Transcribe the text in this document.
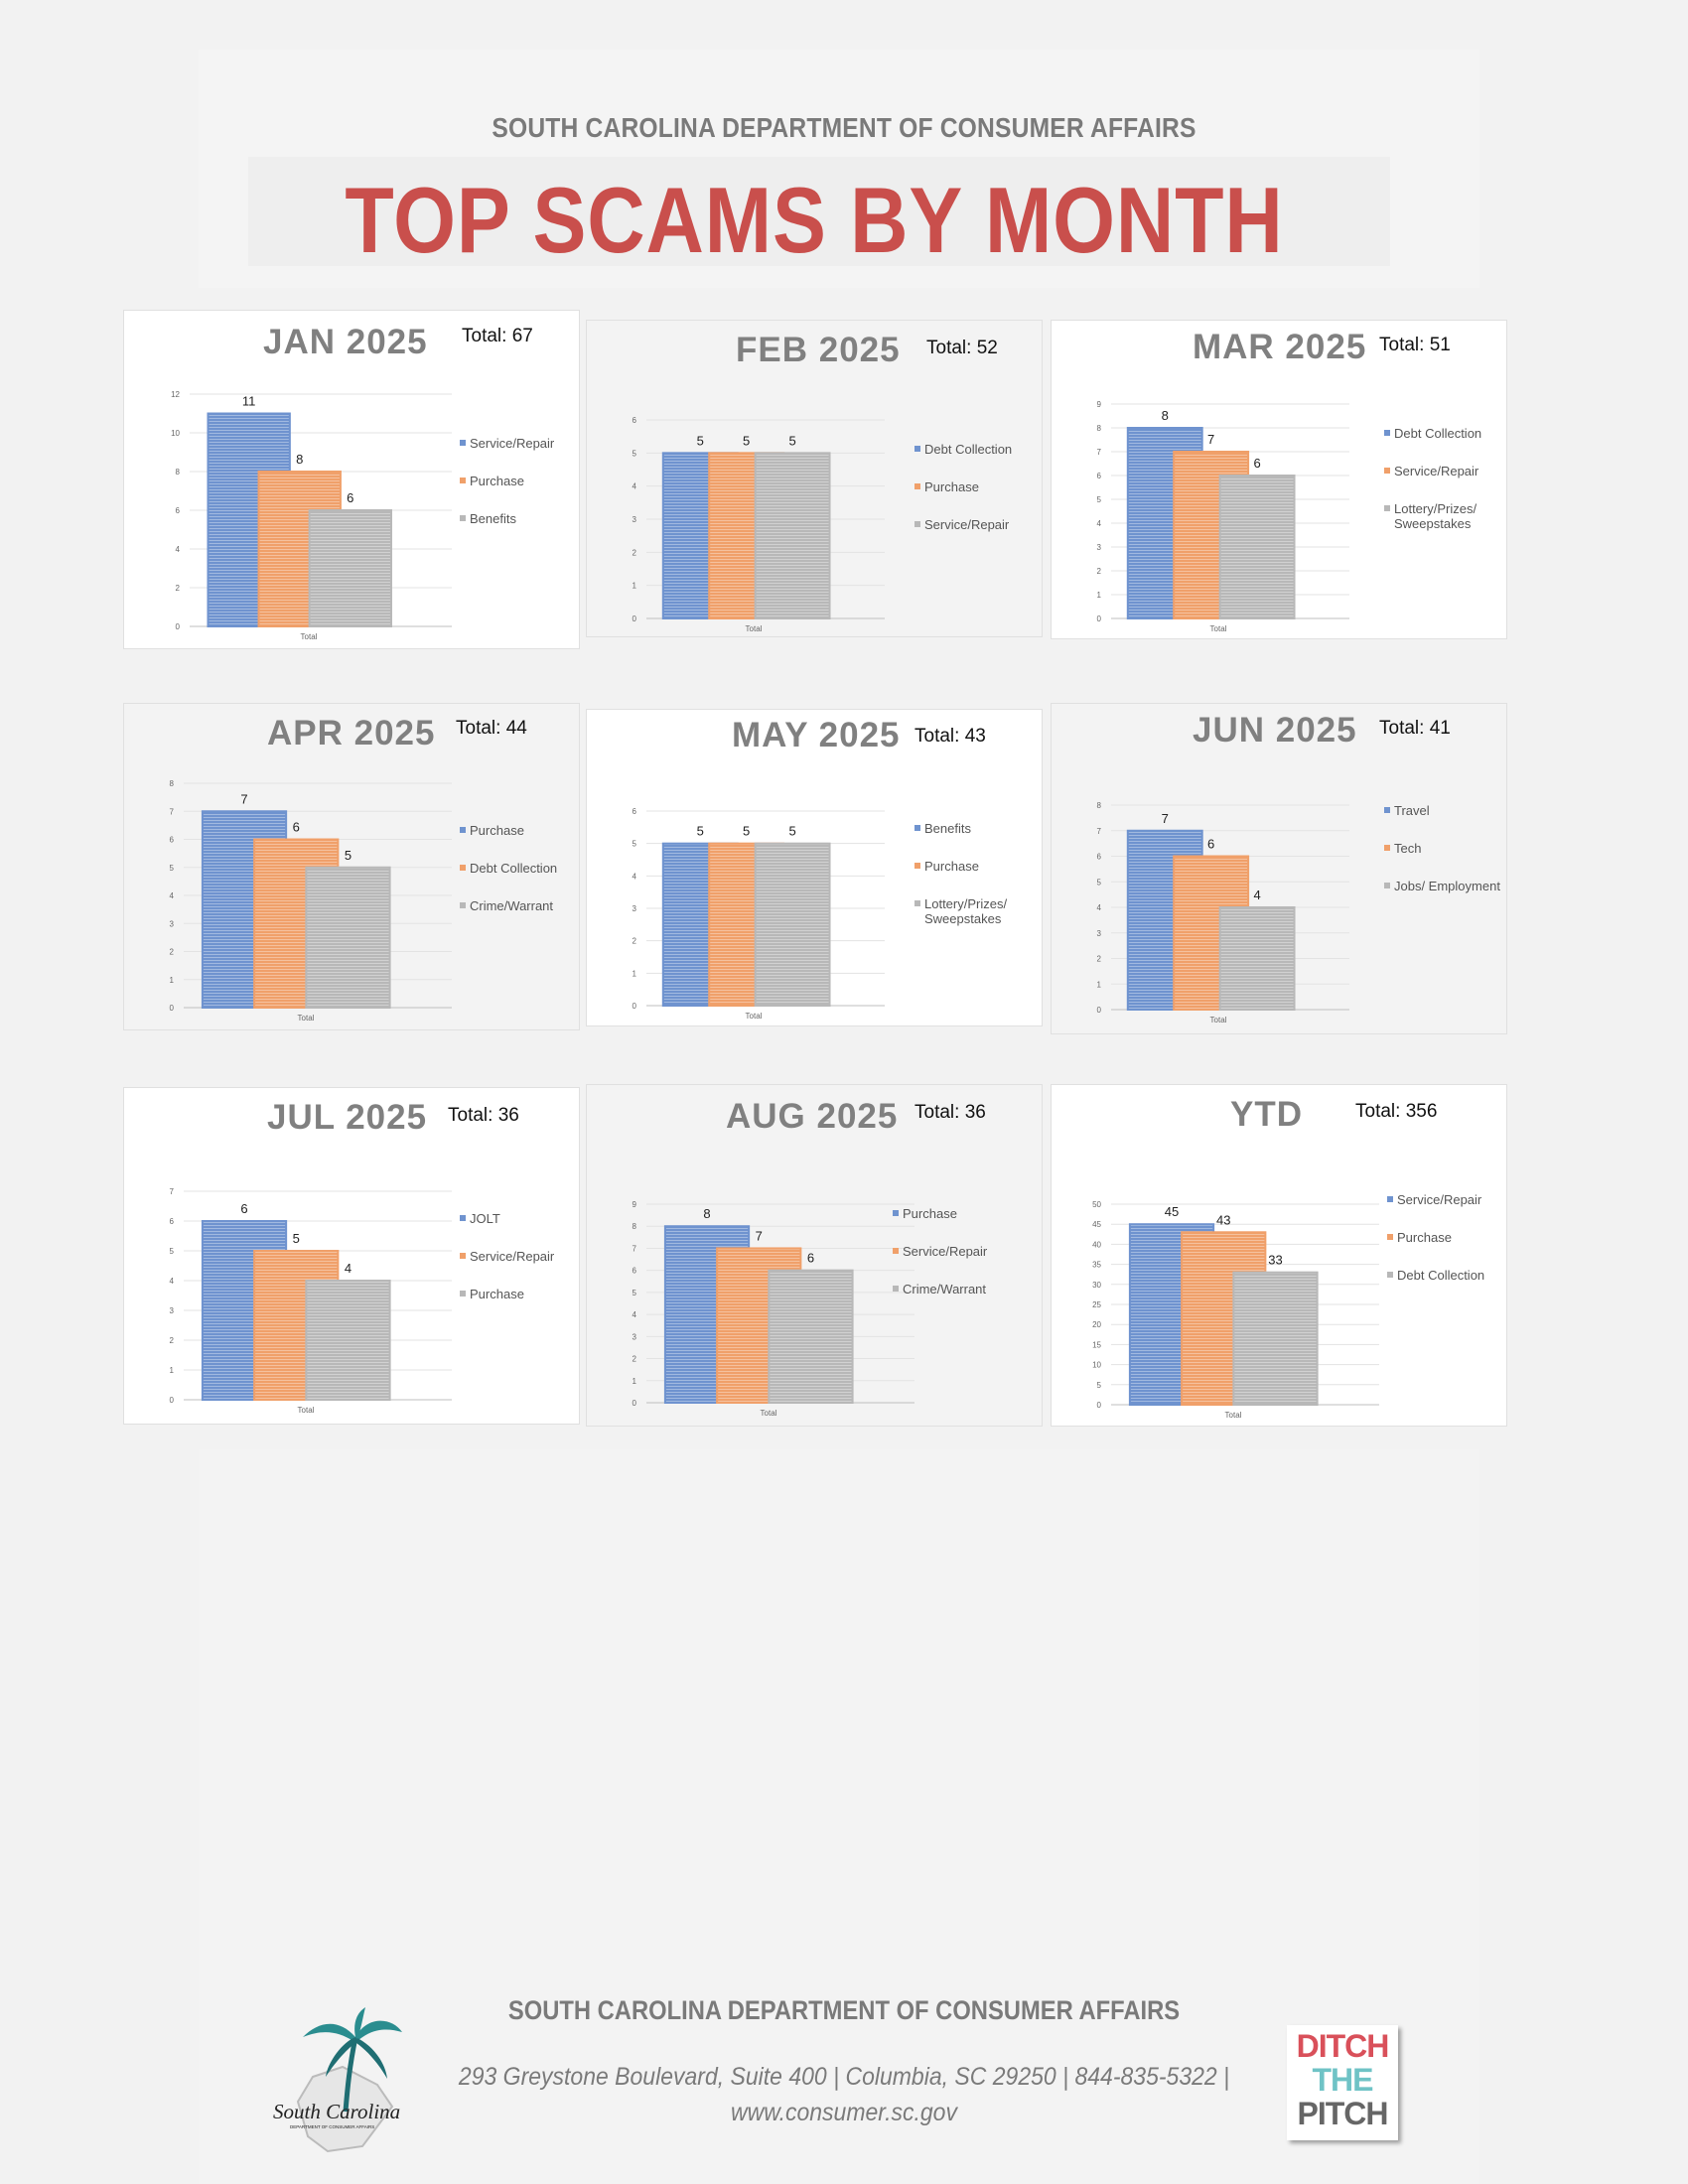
SOUTH CAROLINA DEPARTMENT OF CONSUMER AFFAIRS
TOP SCAMS BY MONTH
JAN 2025 Total: 67
0
2
4
6
8
10
12	11
8
6
Total
Service/Repair
Purchase
Benefits
FEB 2025 Total: 52
0
1
2
3
4
5
6
5	5	5
Total
Debt Collection
Purchase
Service/Repair
MAR 2025 Total: 51
0
1
2
3
4
5
6
7
8
9
8
7
6
Total
Debt Collection
Service/Repair
Lottery/Prizes/ Sweepstakes
APR 2025 Total: 44
0
1
2
3
4
5
6
7
8
7
6
5
Total
Purchase
Debt Collection
Crime/Warrant
MAY 2025 Total: 43
0
1
2
3
4
5
6
5	5	5
Total
Benefits
Purchase
Lottery/Prizes/ Sweepstakes
JUN 2025 Total: 41
0
1
2
3
4
5
6
7
8
7
6
4
Total
Travel
Tech
Jobs/ Employment
JUL 2025 Total: 36
0
1
2
3
4
5
6
7
6
5
4
Total
JOLT
Service/Repair
Purchase
AUG 2025 Total: 36
0
1
2
3
4
5
6
7
8
9
8
7
6
Total
Purchase
Service/Repair
Crime/Warrant
YTD	Total: 356
0
5
10
15
20
25
30
35
40
45
50	45
43
33
Total
Service/Repair
Purchase
Debt Collection
South Carolina
DEPARTMENT OF CONSUMER AFFAIRS
SOUTH CAROLINA DEPARTMENT OF CONSUMER AFFAIRS
293 Greystone Boulevard, Suite 400 | Columbia, SC 29250 | 844-835-5322 |
www.consumer.sc.gov
DITCH
THE
PITCH
